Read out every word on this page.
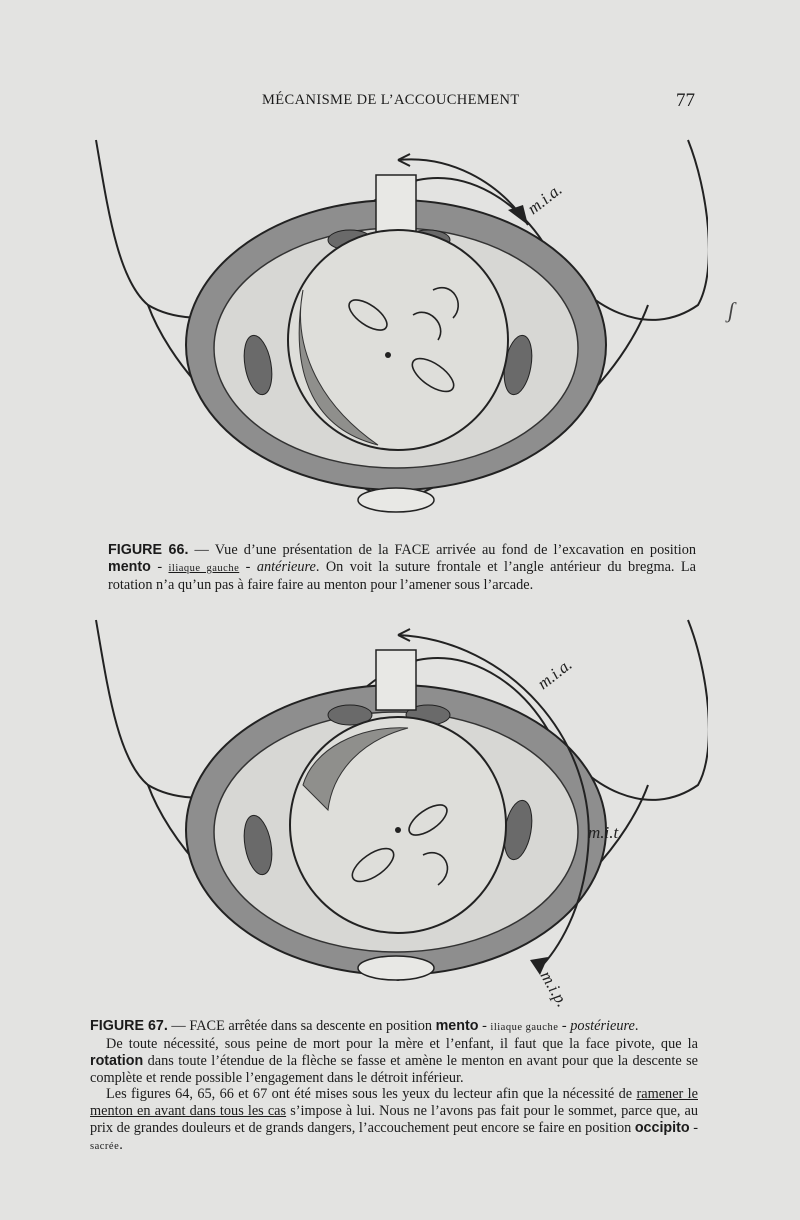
MÉCANISME DE L’ACCOUCHEMENT	77
ʃ
m.i.a.
FIGURE 66. — Vue d’une présentation de la FACE arrivée au fond de l’excavation en position mento - iliaque gauche - antérieure. On voit la suture frontale et l’angle antérieur du bregma. La rotation n’a qu’un pas à faire faire au menton pour l’amener sous l’arcade.
m.i.a.
m.i.t.
m.i.p.
FIGURE 67. — FACE arrêtée dans sa descente en position mento - iliaque gauche - postérieure.

De toute nécessité, sous peine de mort pour la mère et l’enfant, il faut que la face pivote, que la rotation dans toute l’étendue de la flèche se fasse et amène le menton en avant pour que la descente se complète et rende possible l’engagement dans le détroit inférieur.

Les figures 64, 65, 66 et 67 ont été mises sous les yeux du lecteur afin que la nécessité de ramener le menton en avant dans tous les cas s’impose à lui. Nous ne l’avons pas fait pour le sommet, parce que, au prix de grandes douleurs et de grands dangers, l’accouchement peut encore se faire en position occipito - sacrée.
